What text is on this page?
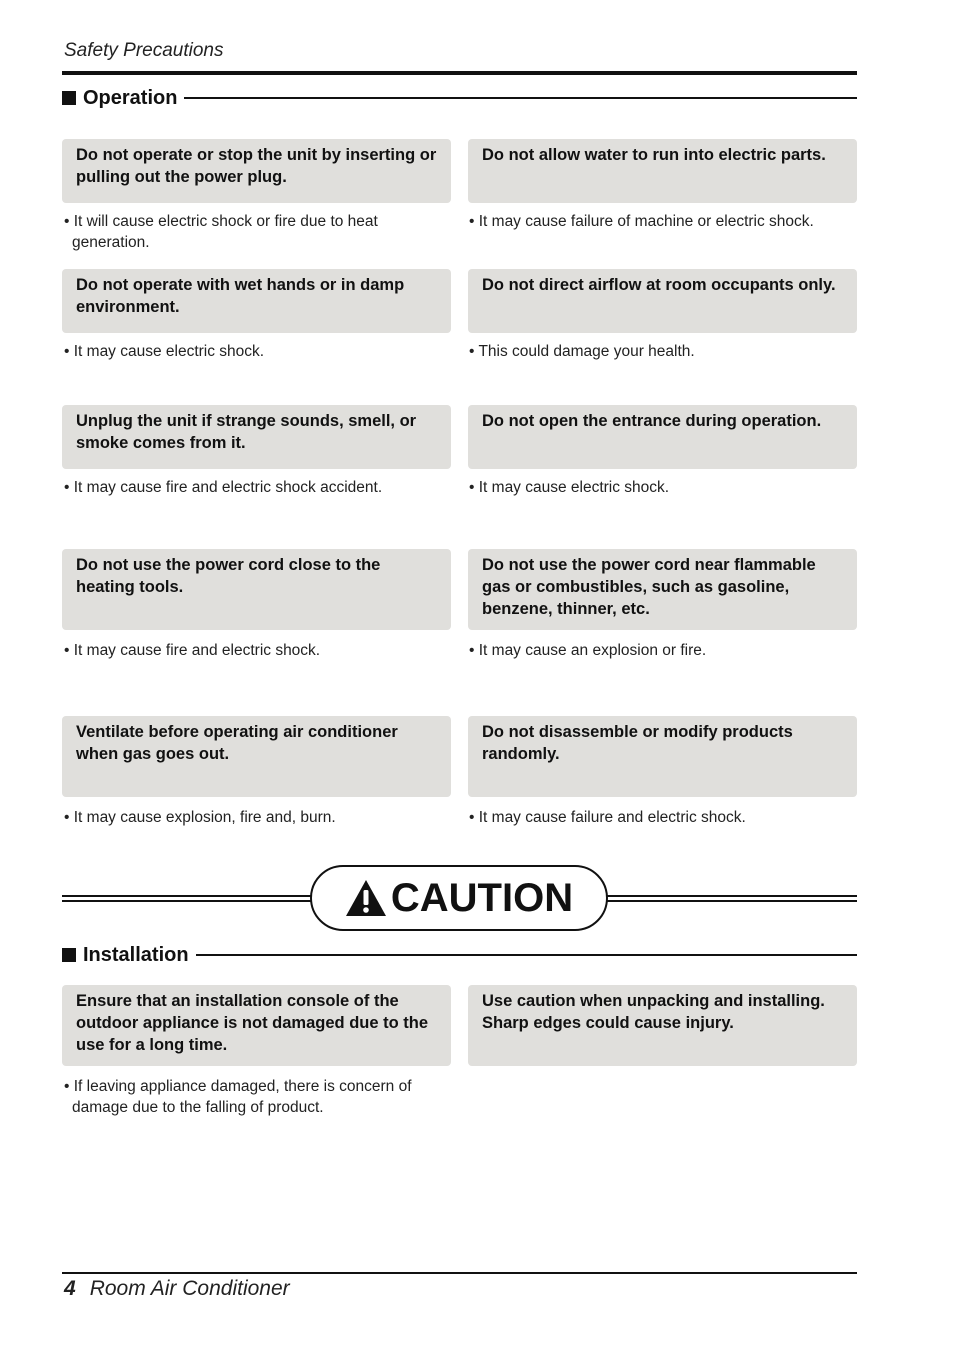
Safety Precautions
Operation
Do not operate or stop the unit by inserting or pulling out the power plug.
• It will cause electric shock or fire due to heat generation.
Do not allow water to run into electric parts.
• It may cause failure of machine or electric shock.
Do not operate with wet hands or in damp environment.
• It may cause electric shock.
Do not direct airflow at room occupants only.
• This could damage your health.
Unplug the unit if strange sounds, smell, or smoke comes from it.
• It may cause fire and electric shock accident.
Do not open the entrance during operation.
• It may cause electric shock.
Do not use the power cord close to the heating tools.
• It may cause fire and electric shock.
Do not use the power cord near flammable gas or combustibles, such as gasoline, benzene, thinner, etc.
• It may cause an explosion or fire.
Ventilate before operating air conditioner when gas goes out.
• It may cause explosion, fire and, burn.
Do not disassemble or modify products randomly.
• It may cause failure and electric shock.
CAUTION
Installation
Ensure that an installation console of the outdoor appliance is not damaged due to the use for a long time.
• If leaving appliance damaged, there is concern of damage due to the falling of product.
Use caution when unpacking and installing. Sharp edges could cause injury.
4 Room Air Conditioner
